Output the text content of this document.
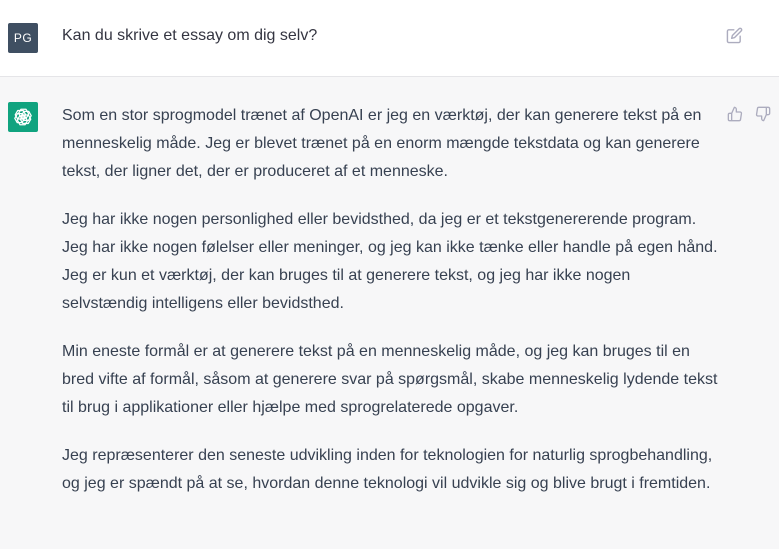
PG	Kan du skrive et essay om dig selv?

Som en stor sprogmodel trænet af OpenAI er jeg en værktøj, der kan generere tekst på en menneskelig måde. Jeg er blevet trænet på en enorm mængde tekstdata og kan generere tekst, der ligner det, der er produceret af et menneske.

Jeg har ikke nogen personlighed eller bevidsthed, da jeg er et tekstgenererende program. Jeg har ikke nogen følelser eller meninger, og jeg kan ikke tænke eller handle på egen hånd. Jeg er kun et værktøj, der kan bruges til at generere tekst, og jeg har ikke nogen selvstændig intelligens eller bevidsthed.

Min eneste formål er at generere tekst på en menneskelig måde, og jeg kan bruges til en bred vifte af formål, såsom at generere svar på spørgsmål, skabe menneskelig lydende tekst til brug i applikationer eller hjælpe med sprogrelaterede opgaver.

Jeg repræsenterer den seneste udvikling inden for teknologien for naturlig sprogbehandling, og jeg er spændt på at se, hvordan denne teknologi vil udvikle sig og blive brugt i fremtiden.
